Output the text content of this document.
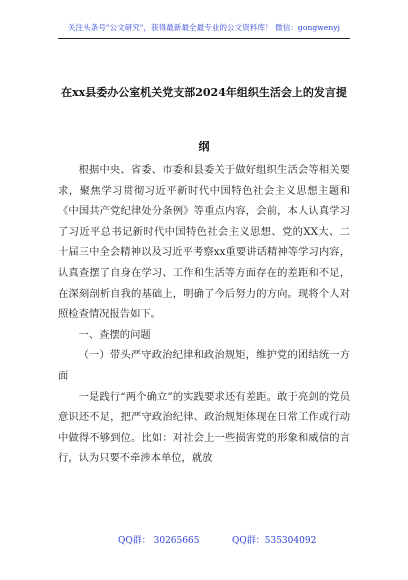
关注头条号"公文研究"，获得最新最全最专业的公文资料库！ 微信：gongwenyj
在xx县委办公室机关党支部2024年组织生活会上的发言提纲

根据中央、省委、市委和县委关于做好组织生活会等相关要求，聚焦学习贯彻习近平新时代中国特色社会主义思想主题和《中国共产党纪律处分条例》等重点内容，会前，本人认真学习了习近平总书记新时代中国特色社会主义思想、党的XX大、二十届三中全会精神以及习近平考察xx重要讲话精神等学习内容，认真查摆了自身在学习、工作和生活等方面存在的差距和不足，在深刻剖析自我的基础上，明确了今后努力的方向。现将个人对照检查情况报告如下。

一、查摆的问题

（一）带头严守政治纪律和政治规矩，维护党的团结统一方面

一是践行“两个确立”的实践要求还有差距。敢于亮剑的党员意识还不足，把严守政治纪律、政治规矩体现在日常工作或行动中做得不够到位。比如：对社会上一些损害党的形象和威信的言行，认为只要不牵涉本单位，就放

QQ群： 30265665	QQ群：535304092
